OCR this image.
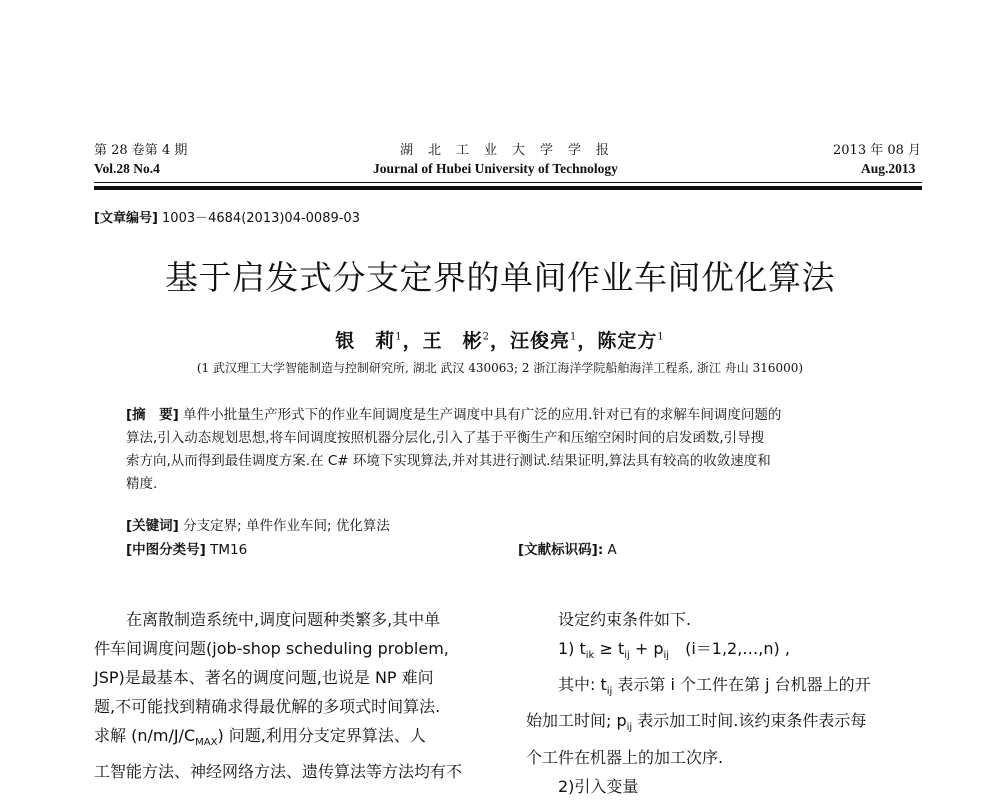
第 28 卷第 4 期
Vol.28 No.4
湖　北　工　业　大　学　学　报
Journal of Hubei University of Technology
2013 年 08 月
Aug.2013
[文章编号] 1003－4684(2013)04-0089-03
基于启发式分支定界的单间作业车间优化算法
银　莉$^1$，王　彬$^2$，汪俊亮$^1$，陈定方$^1$
(1 武汉理工大学智能制造与控制研究所, 湖北 武汉 430063; 2 浙江海洋学院船舶海洋工程系, 浙江 舟山 316000)
[摘　要] 单件小批量生产形式下的作业车间调度是生产调度中具有广泛的应用.针对已有的求解车间调度问题的
算法,引入动态规划思想,将车间调度按照机器分层化,引入了基于平衡生产和压缩空闲时间的启发函数,引导搜
索方向,从而得到最佳调度方案.在 C# 环境下实现算法,并对其进行测试.结果证明,算法具有较高的收敛速度和
精度.
[关键词] 分支定界; 单件作业车间; 优化算法
[中图分类号] TM16	[文献标识码]: A
　　在离散制造系统中,调度问题种类繁多,其中单
件车间调度问题(job-shop scheduling problem,
JSP)是最基本、著名的调度问题,也说是 NP 难问
题,不可能找到精确求得最优解的多项式时间算法.
求解 $(n/m/J/C_{MAX})$ 问题,利用分支定界算法、人
工智能方法、神经网络方法、遗传算法等方法均有不
设定约束条件如下.
1) $t_{ik} \ge t_{ij} + p_{ij}$　(i＝1,2,…,n) ,
其中: $t_{ij}$ 表示第 i 个工件在第 j 台机器上的开
始加工时间; $p_{ij}$ 表示加工时间.该约束条件表示每
个工件在机器上的加工次序.
2)引入变量
